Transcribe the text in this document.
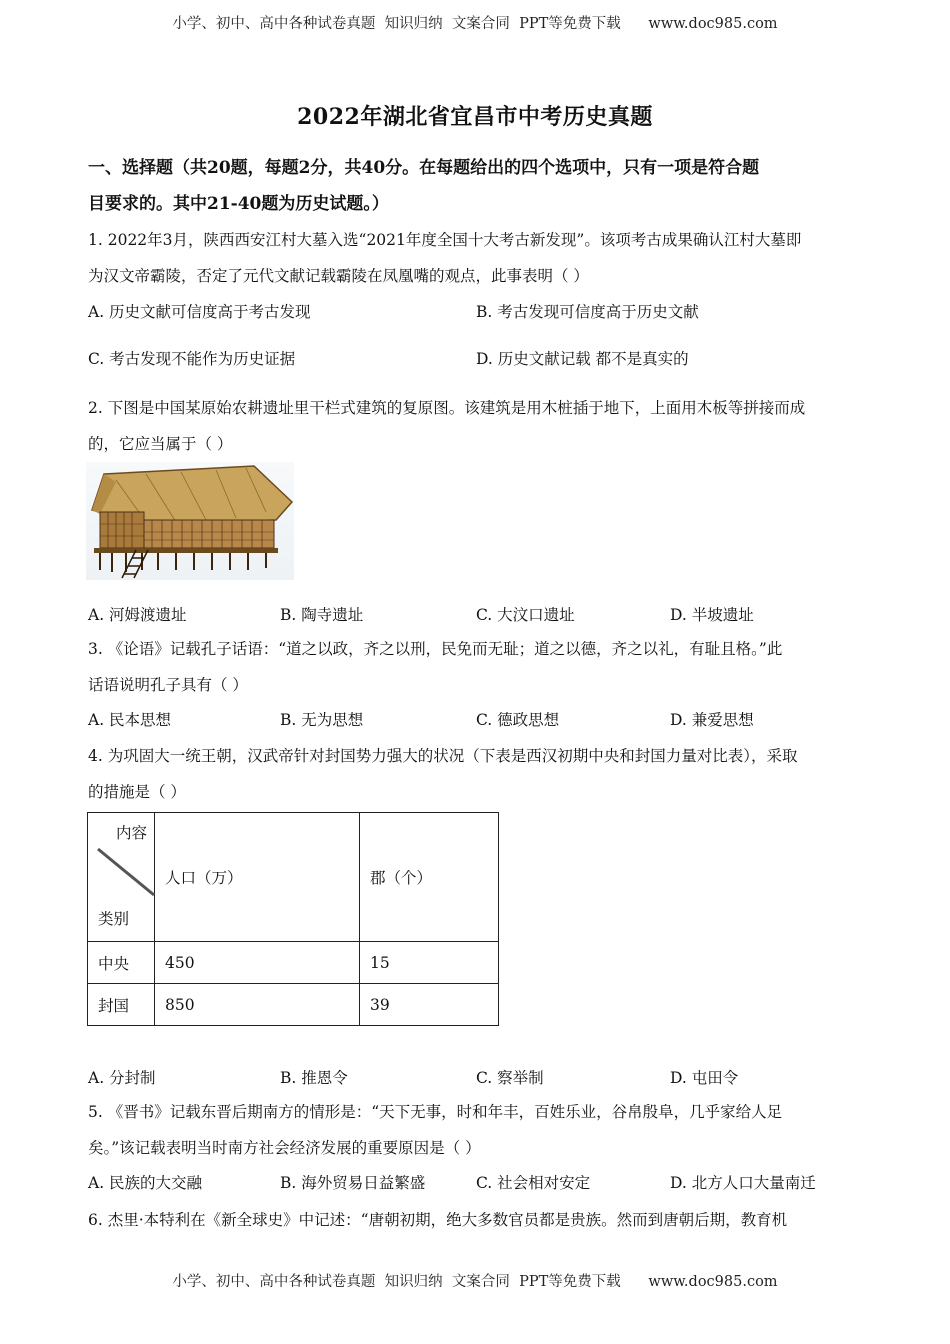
小学、初中、高中各种试卷真题  知识归纳  文案合同  PPT等免费下载      www.doc985.com
2022年湖北省宜昌市中考历史真题
一、选择题（共20题，每题2分，共40分。在每题给出的四个选项中，只有一项是符合题
目要求的。其中21-40题为历史试题。）
1. 2022年3月，陕西西安江村大墓入选“2021年度全国十大考古新发现”。该项考古成果确认江村大墓即
为汉文帝霸陵，否定了元代文献记载霸陵在凤凰嘴的观点，此事表明（ ）
A. 历史文献可信度高于考古发现	B. 考古发现可信度高于历史文献
C. 考古发现不能作为历史证据	D. 历史文献记载 都不是真实的
2. 下图是中国某原始农耕遗址里干栏式建筑的复原图。该建筑是用木桩插于地下，上面用木板等拼接而成
的，它应当属于（ ）
A. 河姆渡遗址	B. 陶寺遗址	C. 大汶口遗址	D. 半坡遗址
3. 《论语》记载孔子话语：“道之以政，齐之以刑，民免而无耻；道之以德，齐之以礼，有耻且格。”此
话语说明孔子具有（ ）
A. 民本思想	B. 无为思想	C. 德政思想	D. 兼爱思想
4. 为巩固大一统王朝，汉武帝针对封国势力强大的状况（下表是西汉初期中央和封国力量对比表），采取
的措施是（ ）
内容
类别	人口（万）	郡（个）
中央	450	15
封国	850	39
A. 分封制	B. 推恩令	C. 察举制	D. 屯田令
5. 《晋书》记载东晋后期南方的情形是：“天下无事，时和年丰，百姓乐业，谷帛殷阜，几乎家给人足
矣。”该记载表明当时南方社会经济发展的重要原因是（ ）
A. 民族的大交融	B. 海外贸易日益繁盛	C. 社会相对安定	D. 北方人口大量南迁
6. 杰里·本特利在《新全球史》中记述：“唐朝初期，绝大多数官员都是贵族。然而到唐朝后期，教育机
小学、初中、高中各种试卷真题  知识归纳  文案合同  PPT等免费下载      www.doc985.com
